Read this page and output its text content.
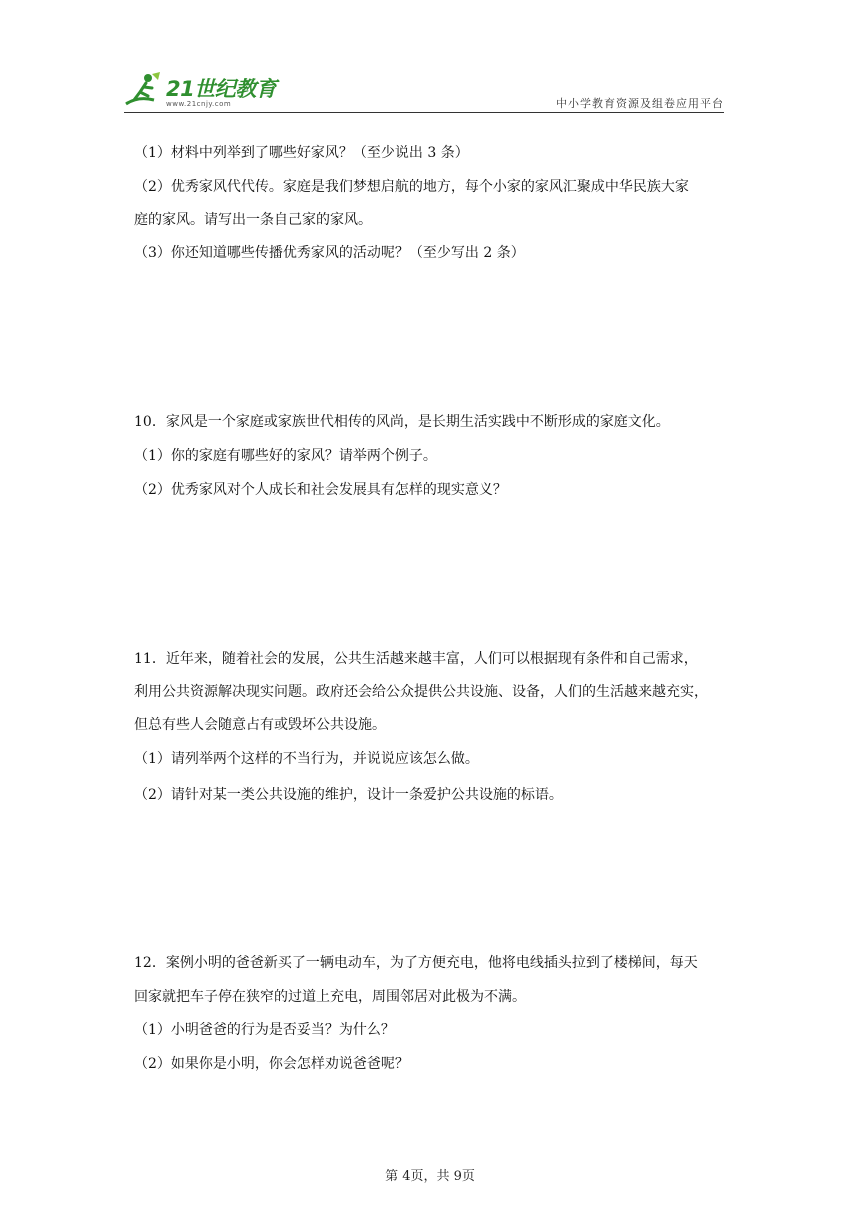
21世纪教育
www.21cnjy.com	中小学教育资源及组卷应用平台
（1）材料中列举到了哪些好家风？（至少说出 3 条）
（2）优秀家风代代传。家庭是我们梦想启航的地方，每个小家的家风汇聚成中华民族大家
庭的家风。请写出一条自己家的家风。
（3）你还知道哪些传播优秀家风的活动呢？（至少写出 2 条）
10．家风是一个家庭或家族世代相传的风尚，是长期生活实践中不断形成的家庭文化。
（1）你的家庭有哪些好的家风？请举两个例子。
（2）优秀家风对个人成长和社会发展具有怎样的现实意义？
11．近年来，随着社会的发展，公共生活越来越丰富，人们可以根据现有条件和自己需求，
利用公共资源解决现实问题。政府还会给公众提供公共设施、设备，人们的生活越来越充实，
但总有些人会随意占有或毁坏公共设施。
（1）请列举两个这样的不当行为，并说说应该怎么做。
（2）请针对某一类公共设施的维护，设计一条爱护公共设施的标语。
12．案例小明的爸爸新买了一辆电动车，为了方便充电，他将电线插头拉到了楼梯间，每天
回家就把车子停在狭窄的过道上充电，周围邻居对此极为不满。
（1）小明爸爸的行为是否妥当？为什么？
（2）如果你是小明，你会怎样劝说爸爸呢？
第 4页，共 9页
